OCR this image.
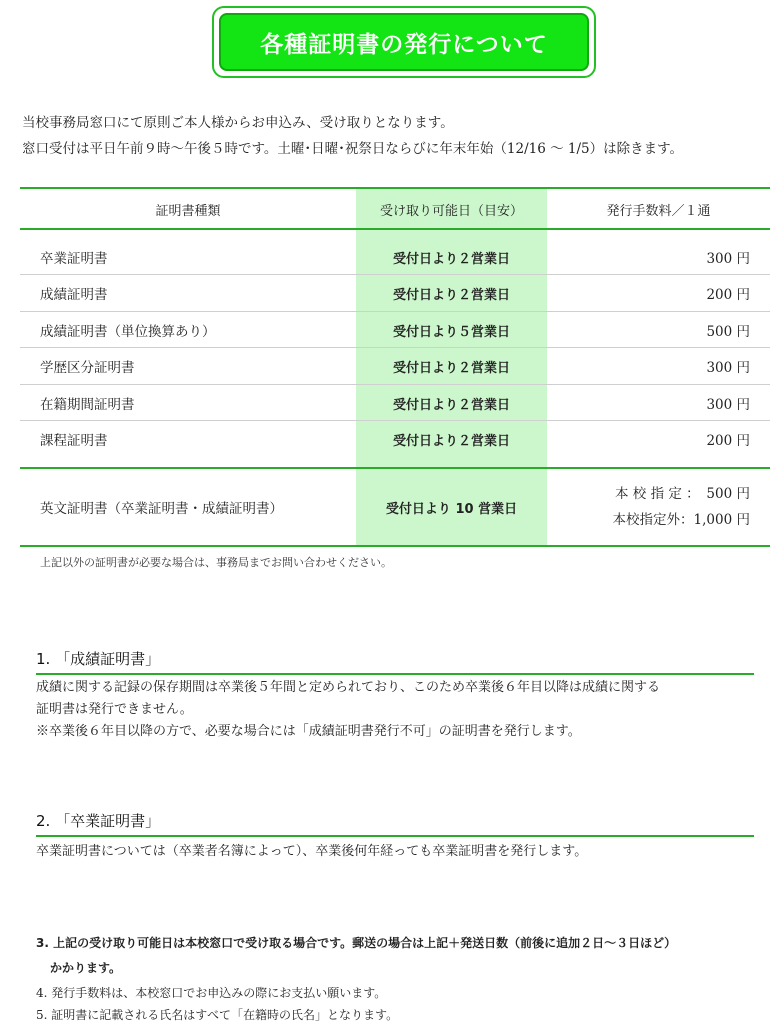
各種証明書の発行について
当校事務局窓口にて原則ご本人様からお申込み、受け取りとなります。
窓口受付は平日午前９時～午後５時です。土曜･日曜･祝祭日ならびに年末年始（12/16 ～ 1/5）は除きます。
証明書種類	受け取り可能日（目安）	発行手数料／１通
卒業証明書	受付日より２営業日	300 円
成績証明書	受付日より２営業日	200 円
成績証明書（単位換算あり）	受付日より５営業日	500 円
学歴区分証明書	受付日より２営業日	300 円
在籍期間証明書	受付日より２営業日	300 円
課程証明書	受付日より２営業日	200 円
英文証明書（卒業証明書・成績証明書）	受付日より 10 営業日
本 校 指 定 ：　500 円
本校指定外：1,000 円
上記以外の証明書が必要な場合は、事務局までお問い合わせください。
1. 「成績証明書」
成績に関する記録の保存期間は卒業後５年間と定められており、このため卒業後６年目以降は成績に関する
証明書は発行できません。
※卒業後６年目以降の方で、必要な場合には「成績証明書発行不可」の証明書を発行します。
2. 「卒業証明書」
卒業証明書については（卒業者名簿によって）、卒業後何年経っても卒業証明書を発行します。
3. 上記の受け取り可能日は本校窓口で受け取る場合です。郵送の場合は上記＋発送日数（前後に追加２日～３日ほど）
かかります。
4. 発行手数料は、本校窓口でお申込みの際にお支払い願います。
5. 証明書に記載される氏名はすべて「在籍時の氏名」となります。
